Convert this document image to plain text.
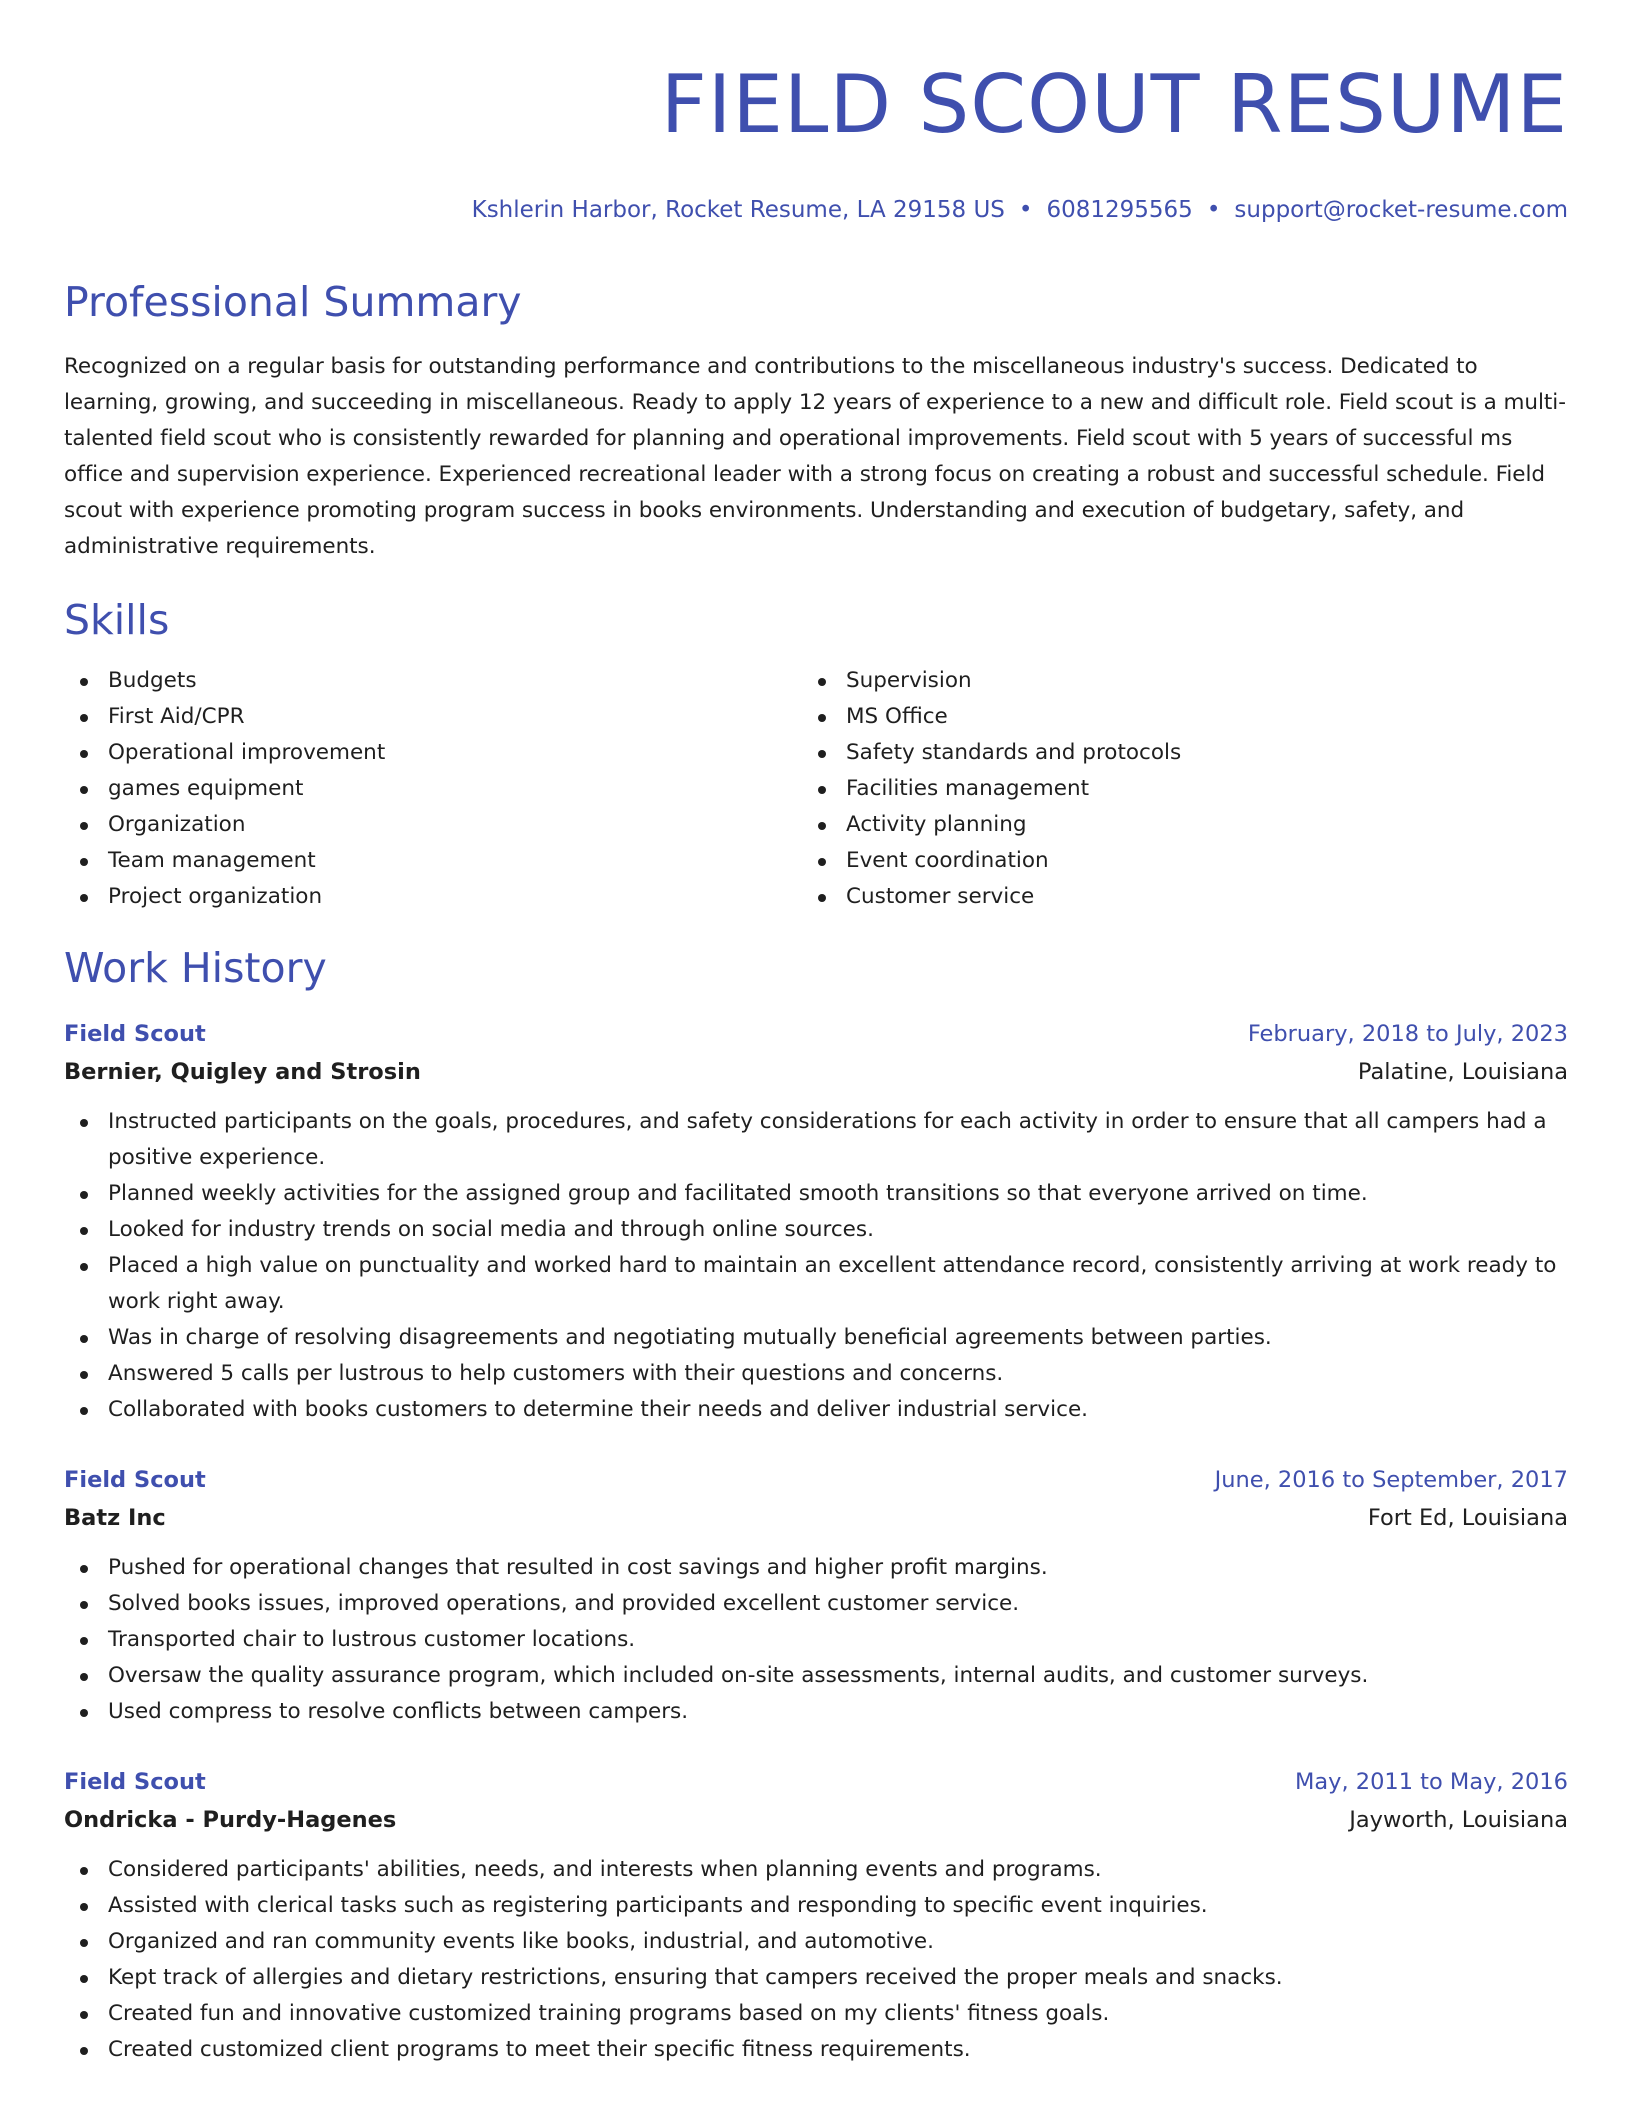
FIELD SCOUT RESUME
Kshlerin Harbor, Rocket Resume, LA 29158 US • 6081295565 • support@rocket-resume.com
Professional Summary

Recognized on a regular basis for outstanding performance and contributions to the miscellaneous industry's success. Dedicated to learning, growing, and succeeding in miscellaneous. Ready to apply 12 years of experience to a new and difficult role. Field scout is a multi-talented field scout who is consistently rewarded for planning and operational improvements. Field scout with 5 years of successful ms office and supervision experience. Experienced recreational leader with a strong focus on creating a robust and successful schedule. Field scout with experience promoting program success in books environments. Understanding and execution of budgetary, safety, and administrative requirements.

Skills
Budgets
First Aid/CPR
Operational improvement
games equipment
Organization
Team management
Project organization
Supervision
MS Office
Safety standards and protocols
Facilities management
Activity planning
Event coordination
Customer service
Work History
Field Scout	February, 2018 to July, 2023
Bernier, Quigley and Strosin	Palatine, Louisiana
Instructed participants on the goals, procedures, and safety considerations for each activity in order to ensure that all campers had a positive experience.
Planned weekly activities for the assigned group and facilitated smooth transitions so that everyone arrived on time.
Looked for industry trends on social media and through online sources.
Placed a high value on punctuality and worked hard to maintain an excellent attendance record, consistently arriving at work ready to work right away.
Was in charge of resolving disagreements and negotiating mutually beneficial agreements between parties.
Answered 5 calls per lustrous to help customers with their questions and concerns.
Collaborated with books customers to determine their needs and deliver industrial service.
Field Scout	June, 2016 to September, 2017
Batz Inc	Fort Ed, Louisiana
Pushed for operational changes that resulted in cost savings and higher profit margins.
Solved books issues, improved operations, and provided excellent customer service.
Transported chair to lustrous customer locations.
Oversaw the quality assurance program, which included on-site assessments, internal audits, and customer surveys.
Used compress to resolve conflicts between campers.
Field Scout	May, 2011 to May, 2016
Ondricka - Purdy-Hagenes	Jayworth, Louisiana
Considered participants' abilities, needs, and interests when planning events and programs.
Assisted with clerical tasks such as registering participants and responding to specific event inquiries.
Organized and ran community events like books, industrial, and automotive.
Kept track of allergies and dietary restrictions, ensuring that campers received the proper meals and snacks.
Created fun and innovative customized training programs based on my clients' fitness goals.
Created customized client programs to meet their specific fitness requirements.
